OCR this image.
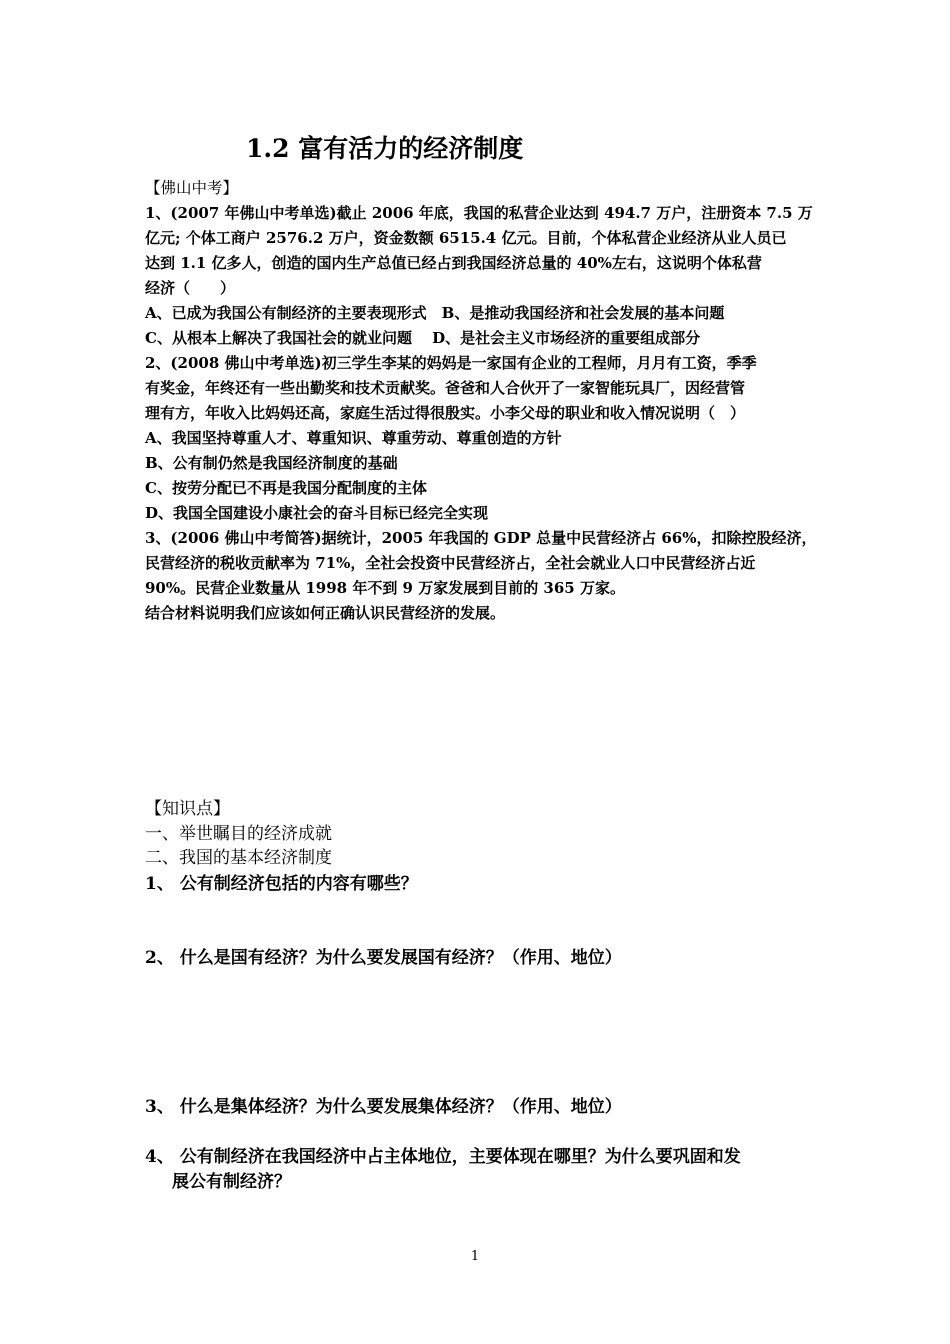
1.2 富有活力的经济制度
【佛山中考】
1、(2007 年佛山中考单选)截止 2006 年底，我国的私营企业达到 494.7 万户，注册资本 7.5 万
亿元; 个体工商户 2576.2 万户，资金数额 6515.4 亿元。目前，个体私营企业经济从业人员已
达到 1.1 亿多人，创造的国内生产总值已经占到我国经济总量的 40%左右，这说明个体私营
经济（　　）
A、已成为我国公有制经济的主要表现形式　B、是推动我国经济和社会发展的基本问题
C、从根本上解决了我国社会的就业问题　 D、是社会主义市场经济的重要组成部分
2、(2008 佛山中考单选)初三学生李某的妈妈是一家国有企业的工程师，月月有工资，季季
有奖金，年终还有一些出勤奖和技术贡献奖。爸爸和人合伙开了一家智能玩具厂，因经营管
理有方，年收入比妈妈还高，家庭生活过得很殷实。小李父母的职业和收入情况说明（　）
A、我国坚持尊重人才、尊重知识、尊重劳动、尊重创造的方针
B、公有制仍然是我国经济制度的基础
C、按劳分配已不再是我国分配制度的主体
D、我国全国建设小康社会的奋斗目标已经完全实现
3、(2006 佛山中考简答)据统计，2005 年我国的 GDP 总量中民营经济占 66%，扣除控股经济，
民营经济的税收贡献率为 71%，全社会投资中民营经济占，全社会就业人口中民营经济占近
90%。民营企业数量从 1998 年不到 9 万家发展到目前的 365 万家。
结合材料说明我们应该如何正确认识民营经济的发展。
【知识点】
一、举世瞩目的经济成就
二、我国的基本经济制度
1、 公有制经济包括的内容有哪些？
2、 什么是国有经济？为什么要发展国有经济？（作用、地位）
3、 什么是集体经济？为什么要发展集体经济？（作用、地位）
4、 公有制经济在我国经济中占主体地位，主要体现在哪里？为什么要巩固和发
展公有制经济？
1
